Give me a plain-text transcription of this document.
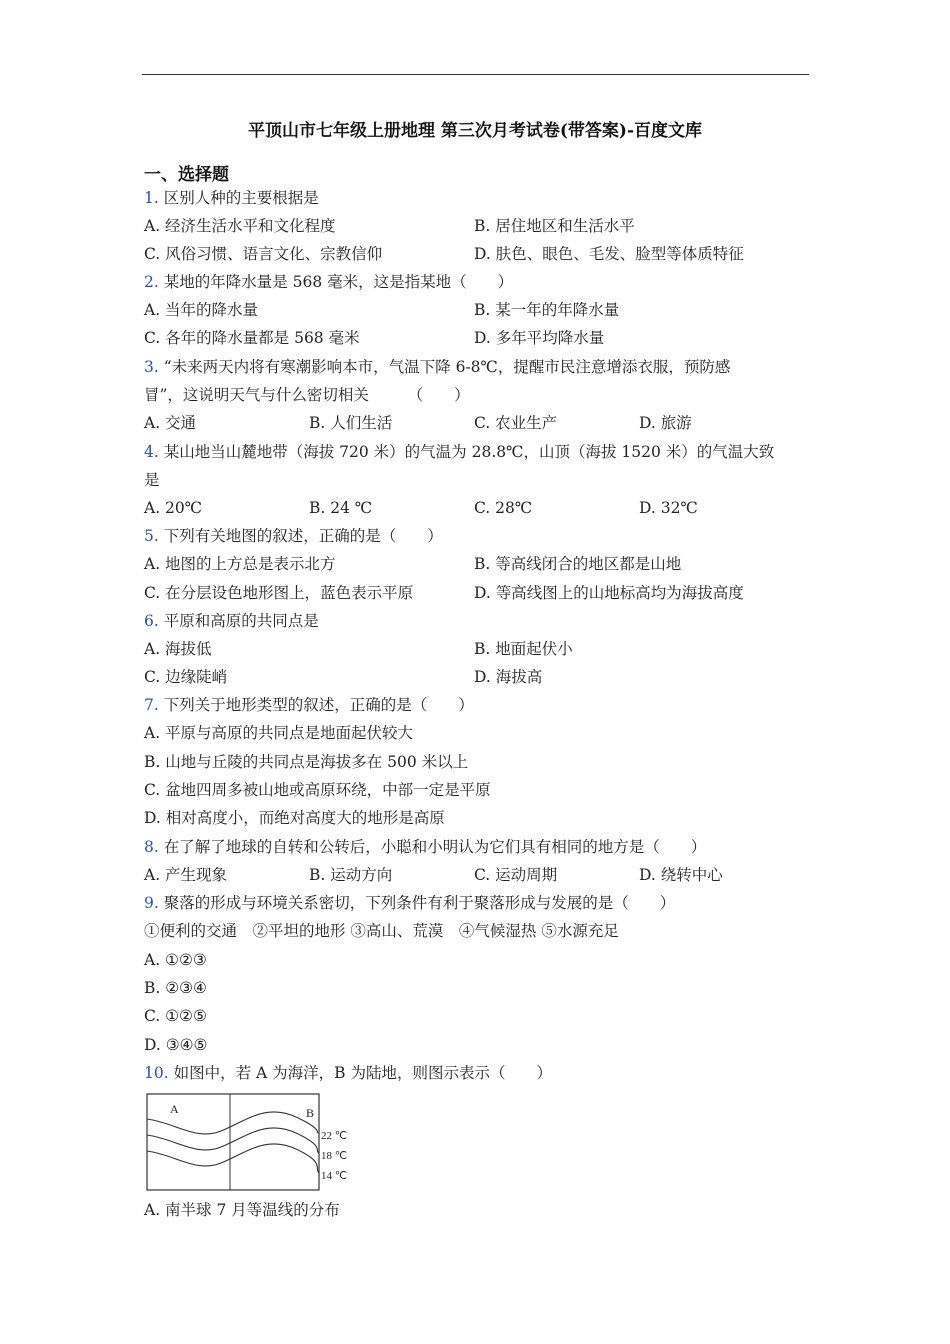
平顶山市七年级上册地理 第三次月考试卷(带答案)-百度文库
一、选择题
1. 区别人种的主要根据是
A. 经济生活水平和文化程度	B. 居住地区和生活水平
C. 风俗习惯、语言文化、宗教信仰	D. 肤色、眼色、毛发、脸型等体质特征
2. 某地的年降水量是 568 毫米，这是指某地（　　）
A. 当年的降水量	B. 某一年的年降水量
C. 各年的降水量都是 568 毫米	D. 多年平均降水量
3. “未来两天内将有寒潮影响本市，气温下降 6-8℃，提醒市民注意增添衣服，预防感
冒”，这说明天气与什么密切相关　　　（　　）
A. 交通	B. 人们生活	C. 农业生产	D. 旅游
4. 某山地当山麓地带（海拔 720 米）的气温为 28.8℃，山顶（海拔 1520 米）的气温大致
是
A. 20℃	B. 24 ℃	C. 28℃	D. 32℃
5. 下列有关地图的叙述，正确的是（　　）
A. 地图的上方总是表示北方	B. 等高线闭合的地区都是山地
C. 在分层设色地形图上，蓝色表示平原	D. 等高线图上的山地标高均为海拔高度
6. 平原和高原的共同点是
A. 海拔低	B. 地面起伏小
C. 边缘陡峭	D. 海拔高
7. 下列关于地形类型的叙述，正确的是（　　）
A. 平原与高原的共同点是地面起伏较大
B. 山地与丘陵的共同点是海拔多在 500 米以上
C. 盆地四周多被山地或高原环绕，中部一定是平原
D. 相对高度小，而绝对高度大的地形是高原
8. 在了解了地球的自转和公转后，小聪和小明认为它们具有相同的地方是（　　）
A. 产生现象	B. 运动方向	C. 运动周期	D. 绕转中心
9. 聚落的形成与环境关系密切，下列条件有利于聚落形成与发展的是（　　）
①便利的交通　②平坦的地形 ③高山、荒漠　④气候湿热 ⑤水源充足
A. ①②③
B. ②③④
C. ①②⑤
D. ③④⑤
10. 如图中，若 A 为海洋，B 为陆地，则图示表示（　　）
A	B
22 ℃
18 ℃
14 ℃
A. 南半球 7 月等温线的分布
